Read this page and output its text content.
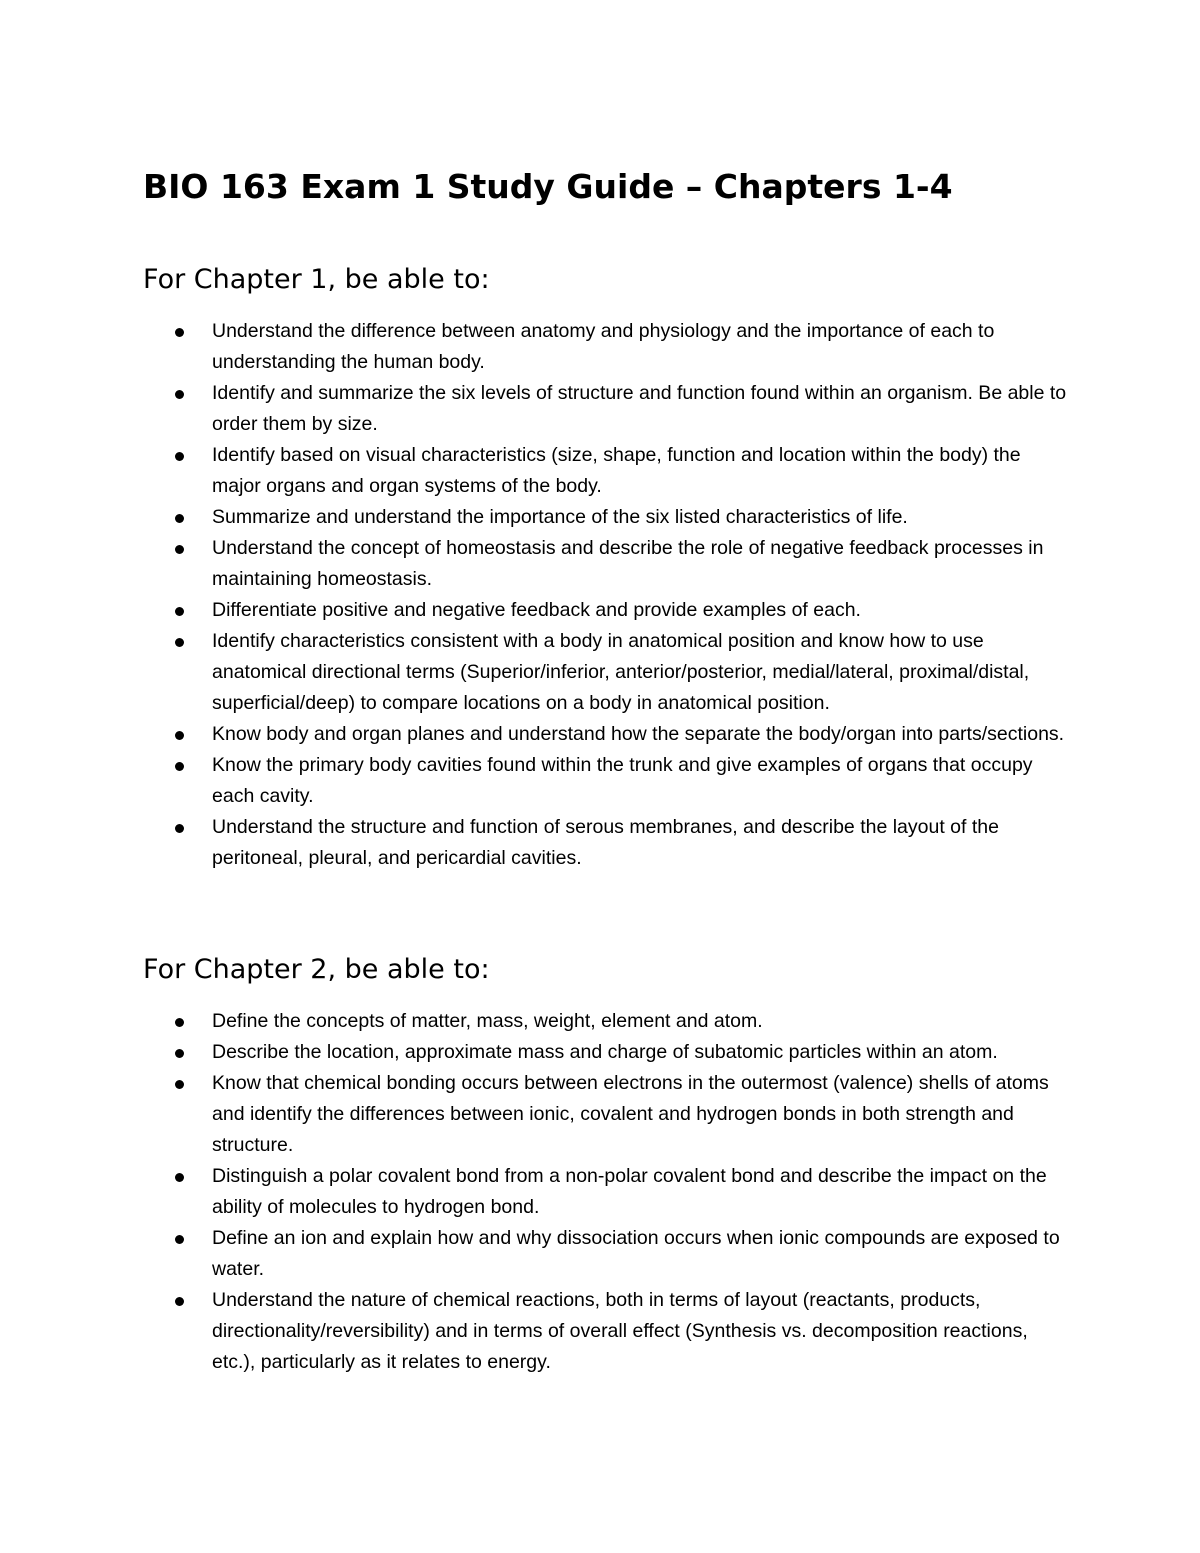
BIO 163 Exam 1 Study Guide – Chapters 1-4
For Chapter 1, be able to:
Understand the difference between anatomy and physiology and the importance of each to understanding the human body.
Identify and summarize the six levels of structure and function found within an organism. Be able to order them by size.
Identify based on visual characteristics (size, shape, function and location within the body) the major organs and organ systems of the body.
Summarize and understand the importance of the six listed characteristics of life.
Understand the concept of homeostasis and describe the role of negative feedback processes in maintaining homeostasis.
Differentiate positive and negative feedback and provide examples of each.
Identify characteristics consistent with a body in anatomical position and know how to use anatomical directional terms (Superior/inferior, anterior/posterior, medial/lateral, proximal/distal, superficial/deep) to compare locations on a body in anatomical position.
Know body and organ planes and understand how the separate the body/organ into parts/sections.
Know the primary body cavities found within the trunk and give examples of organs that occupy each cavity.
Understand the structure and function of serous membranes, and describe the layout of the peritoneal, pleural, and pericardial cavities.
For Chapter 2, be able to:
Define the concepts of matter, mass, weight, element and atom.
Describe the location, approximate mass and charge of subatomic particles within an atom.
Know that chemical bonding occurs between electrons in the outermost (valence) shells of atoms and identify the differences between ionic, covalent and hydrogen bonds in both strength and structure.
Distinguish a polar covalent bond from a non-polar covalent bond and describe the impact on the ability of molecules to hydrogen bond.
Define an ion and explain how and why dissociation occurs when ionic compounds are exposed to water.
Understand the nature of chemical reactions, both in terms of layout (reactants, products, directionality/reversibility) and in terms of overall effect (Synthesis vs. decomposition reactions, etc.), particularly as it relates to energy.
